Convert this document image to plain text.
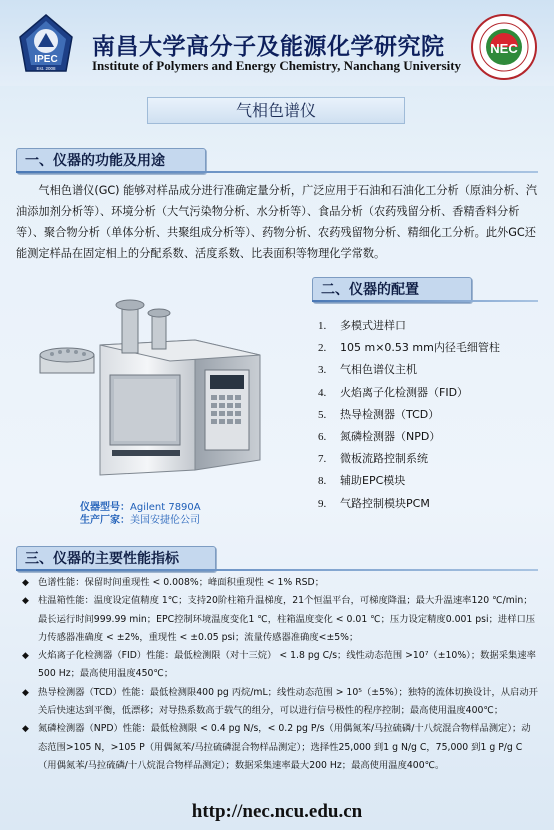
IPEC
Est. 2008
南昌大学高分子及能源化学研究院
Institute of Polymers and Energy Chemistry, Nanchang University
NEC
气相色谱仪
一、仪器的功能及用途
气相色谱仪(GC) 能够对样品成分进行准确定量分析，广泛应用于石油和石油化工分析（原油分析、汽油添加剂分析等）、环境分析（大气污染物分析、水分析等）、食品分析（农药残留分析、香精香料分析等）、聚合物分析（单体分析、共聚组成分析等）、药物分析、农药残留物分析、精细化工分析。此外GC还能测定样品在固定相上的分配系数、活度系数、比表面积等物理化学常数。
二、仪器的配置
1. 多模式进样口
2. 105 m×0.53 mm内径毛细管柱
3. 气相色谱仪主机
4. 火焰离子化检测器（FID）
5. 热导检测器（TCD）
6. 氮磷检测器（NPD）
7. 微板流路控制系统
8. 辅助EPC模块
9. 气路控制模块PCM
仪器型号：Agilent 7890A
生产厂家：美国安捷伦公司
三、仪器的主要性能指标
◆ 色谱性能：保留时间重现性 < 0.008%；峰面积重现性 < 1% RSD；
◆ 柱温箱性能：温度设定值精度 1℃；支持20阶柱箱升温梯度，21个恒温平台，可梯度降温；最大升温速率120 ℃/min；最长运行时间999.99 min；EPC控制环境温度变化1 ℃，柱箱温度变化 < 0.01 ℃；压力设定精度0.001 psi；进样口压力传感器准确度 < ±2%，重现性 < ±0.05 psi；流量传感器准确度<±5%；
◆ 火焰离子化检测器（FID）性能：最低检测限（对十三烷） < 1.8 pg C/s；线性动态范围 >10⁷（±10%）；数据采集速率500 Hz；最高使用温度450℃；
◆ 热导检测器（TCD）性能：最低检测限400 pg 丙烷/mL；线性动态范围 > 10⁵（±5%）；独特的流体切换设计，从启动开关后快速达到平衡，低漂移；对导热系数高于载气的组分，可以进行信号极性的程序控制；最高使用温度400℃；
◆ 氮磷检测器（NPD）性能：最低检测限 < 0.4 pg N/s，< 0.2 pg P/s（用偶氮苯/马拉硫磷/十八烷混合物样品测定）；动态范围>105 N，>105 P（用偶氮苯/马拉硫磷混合物样品测定）；选择性25,000 到1 g N/g C，75,000 到1 g P/g C（用偶氮苯/马拉硫磷/十八烷混合物样品测定）；数据采集速率最大200 Hz；最高使用温度400℃。
http://nec.ncu.edu.cn
